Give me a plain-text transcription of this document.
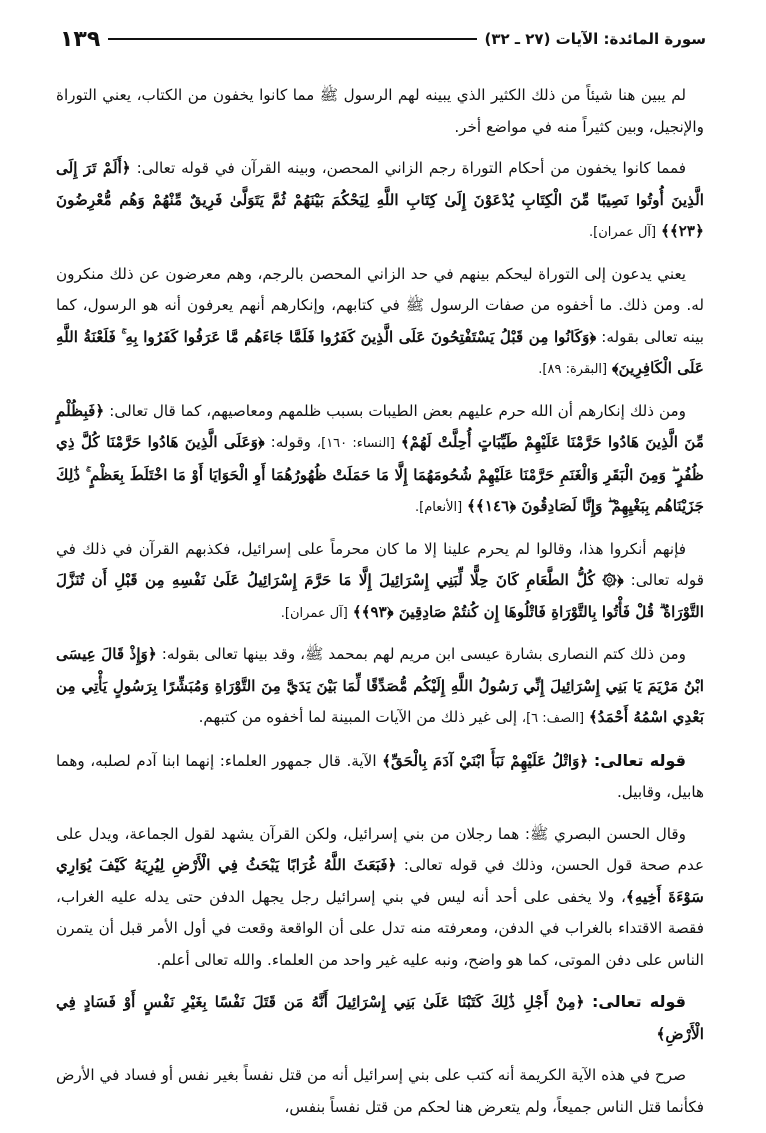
سورة المائدة: الآيات (٢٧ ـ ٣٢)
١٣٩

لم يبين هنا شيئاً من ذلك الكثير الذي يبينه لهم الرسول ﷺ مما كانوا يخفون من الكتاب، يعني التوراة والإنجيل، وبين كثيراً منه في مواضع أخر.

فمما كانوا يخفون من أحكام التوراة رجم الزاني المحصن، وبينه القرآن في قوله تعالى: ﴿أَلَمْ تَرَ إِلَى الَّذِينَ أُوتُوا نَصِيبًا مِّنَ الْكِتَابِ يُدْعَوْنَ إِلَىٰ كِتَابِ اللَّهِ لِيَحْكُمَ بَيْنَهُمْ ثُمَّ يَتَوَلَّىٰ فَرِيقٌ مِّنْهُمْ وَهُم مُّعْرِضُونَ ﴿٢٣﴾﴾ [آل عمران].

يعني يدعون إلى التوراة ليحكم بينهم في حد الزاني المحصن بالرجم، وهم معرضون عن ذلك منكرون له. ومن ذلك. ما أخفوه من صفات الرسول ﷺ في كتابهم، وإنكارهم أنهم يعرفون أنه هو الرسول، كما بينه تعالى بقوله: ﴿وَكَانُوا مِن قَبْلُ يَسْتَفْتِحُونَ عَلَى الَّذِينَ كَفَرُوا فَلَمَّا جَاءَهُم مَّا عَرَفُوا كَفَرُوا بِهِ ۚ فَلَعْنَةُ اللَّهِ عَلَى الْكَافِرِينَ﴾ [البقرة: ٨٩].

ومن ذلك إنكارهم أن الله حرم عليهم بعض الطيبات بسبب ظلمهم ومعاصيهم، كما قال تعالى: ﴿فَبِظُلْمٍ مِّنَ الَّذِينَ هَادُوا حَرَّمْنَا عَلَيْهِمْ طَيِّبَاتٍ أُحِلَّتْ لَهُمْ﴾ [النساء: ١٦٠]، وقوله: ﴿وَعَلَى الَّذِينَ هَادُوا حَرَّمْنَا كُلَّ ذِي ظُفُرٍ ۖ وَمِنَ الْبَقَرِ وَالْغَنَمِ حَرَّمْنَا عَلَيْهِمْ شُحُومَهُمَا إِلَّا مَا حَمَلَتْ ظُهُورُهُمَا أَوِ الْحَوَايَا أَوْ مَا اخْتَلَطَ بِعَظْمٍ ۚ ذَٰلِكَ جَزَيْنَاهُم بِبَغْيِهِمْ ۖ وَإِنَّا لَصَادِقُونَ ﴿١٤٦﴾﴾ [الأنعام].

فإنهم أنكروا هذا، وقالوا لم يحرم علينا إلا ما كان محرماً على إسرائيل، فكذبهم القرآن في ذلك في قوله تعالى: ﴿۞ كُلُّ الطَّعَامِ كَانَ حِلًّا لِّبَنِي إِسْرَائِيلَ إِلَّا مَا حَرَّمَ إِسْرَائِيلُ عَلَىٰ نَفْسِهِ مِن قَبْلِ أَن تُنَزَّلَ التَّوْرَاةُ ۗ قُلْ فَأْتُوا بِالتَّوْرَاةِ فَاتْلُوهَا إِن كُنتُمْ صَادِقِينَ ﴿٩٣﴾﴾ [آل عمران].

ومن ذلك كتم النصارى بشارة عيسى ابن مريم لهم بمحمد ﷺ، وقد بينها تعالى بقوله: ﴿وَإِذْ قَالَ عِيسَى ابْنُ مَرْيَمَ يَا بَنِي إِسْرَائِيلَ إِنِّي رَسُولُ اللَّهِ إِلَيْكُم مُّصَدِّقًا لِّمَا بَيْنَ يَدَيَّ مِنَ التَّوْرَاةِ وَمُبَشِّرًا بِرَسُولٍ يَأْتِي مِن بَعْدِي اسْمُهُ أَحْمَدُ﴾ [الصف: ٦]، إلى غير ذلك من الآيات المبينة لما أخفوه من كتبهم.

قوله تعالى: ﴿وَاتْلُ عَلَيْهِمْ نَبَأَ ابْنَيْ آدَمَ بِالْحَقِّ﴾ الآية. قال جمهور العلماء: إنهما ابنا آدم لصلبه، وهما هابيل، وقابيل.

وقال الحسن البصري ﷺ: هما رجلان من بني إسرائيل، ولكن القرآن يشهد لقول الجماعة، ويدل على عدم صحة قول الحسن، وذلك في قوله تعالى: ﴿فَبَعَثَ اللَّهُ غُرَابًا يَبْحَثُ فِي الْأَرْضِ لِيُرِيَهُ كَيْفَ يُوَارِي سَوْءَةَ أَخِيهِ﴾، ولا يخفى على أحد أنه ليس في بني إسرائيل رجل يجهل الدفن حتى يدله عليه الغراب، فقصة الاقتداء بالغراب في الدفن، ومعرفته منه تدل على أن الواقعة وقعت في أول الأمر قبل أن يتمرن الناس على دفن الموتى، كما هو واضح، ونبه عليه غير واحد من العلماء. والله تعالى أعلم.

قوله تعالى: ﴿مِنْ أَجْلِ ذَٰلِكَ كَتَبْنَا عَلَىٰ بَنِي إِسْرَائِيلَ أَنَّهُ مَن قَتَلَ نَفْسًا بِغَيْرِ نَفْسٍ أَوْ فَسَادٍ فِي الْأَرْضِ﴾

صرح في هذه الآية الكريمة أنه كتب على بني إسرائيل أنه من قتل نفساً بغير نفس أو فساد في الأرض فكأنما قتل الناس جميعاً، ولم يتعرض هنا لحكم من قتل نفساً بنفس،
